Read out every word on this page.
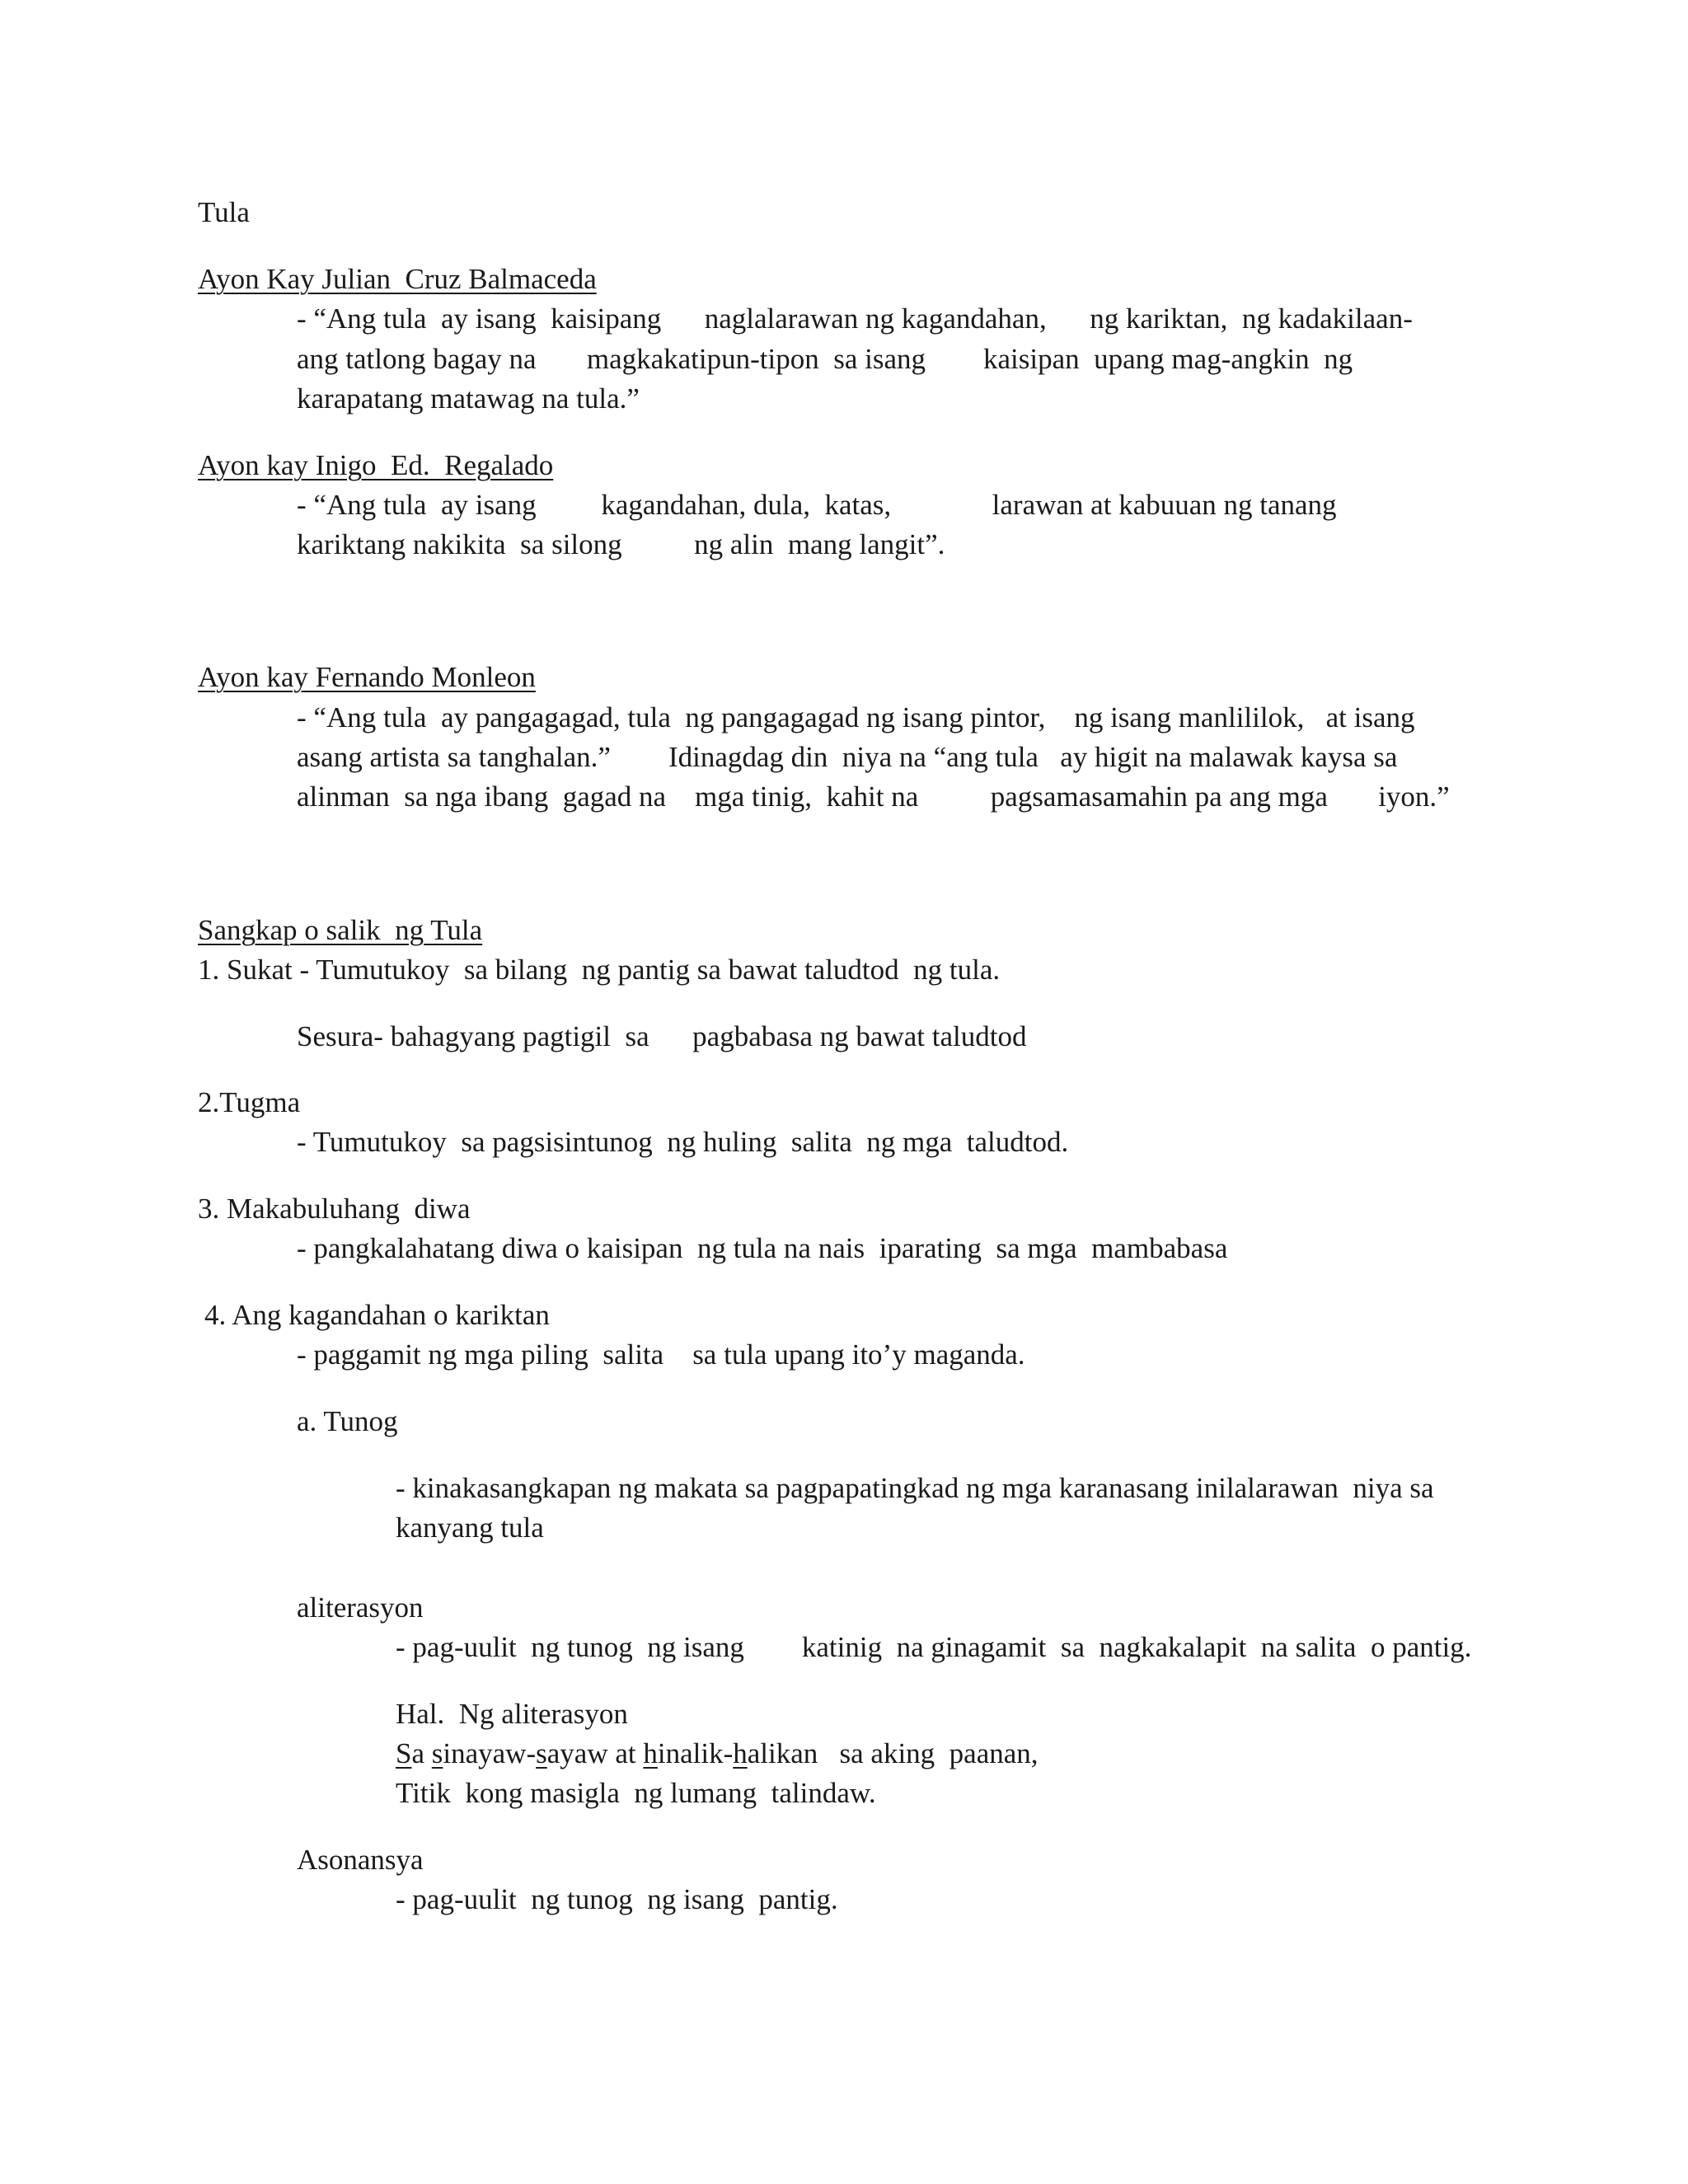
Tula
Ayon Kay Julian  Cruz Balmaceda
- “Ang tula  ay isang  kaisipang      naglalarawan ng kagandahan,      ng kariktan,  ng kadakilaan-
ang tatlong bagay na       magkakatipun-tipon  sa isang        kaisipan  upang mag-angkin  ng
karapatang matawag na tula.”
Ayon kay Inigo  Ed.  Regalado
- “Ang tula  ay isang         kagandahan, dula,  katas,              larawan at kabuuan ng tanang
kariktang nakikita  sa silong          ng alin  mang langit”.
Ayon kay Fernando Monleon
- “Ang tula  ay pangagagad, tula  ng pangagagad ng isang pintor,    ng isang manlililok,   at isang
asang artista sa tanghalan.”        Idinagdag din  niya na “ang tula   ay higit na malawak kaysa sa
alinman  sa nga ibang  gagad na    mga tinig,  kahit na          pagsamasamahin pa ang mga       iyon.”
Sangkap o salik  ng Tula
1. Sukat - Tumutukoy  sa bilang  ng pantig sa bawat taludtod  ng tula.
Sesura- bahagyang pagtigil  sa      pagbabasa ng bawat taludtod
2.Tugma
- Tumutukoy  sa pagsisintunog  ng huling  salita  ng mga  taludtod.
3. Makabuluhang  diwa
- pangkalahatang diwa o kaisipan  ng tula na nais  iparating  sa mga  mambabasa
4. Ang kagandahan o kariktan
- paggamit ng mga piling  salita    sa tula upang ito’y maganda.
a. Tunog
- kinakasangkapan ng makata sa pagpapatingkad ng mga karanasang inilalarawan  niya sa
kanyang tula
aliterasyon
- pag-uulit  ng tunog  ng isang        katinig  na ginagamit  sa  nagkakalapit  na salita  o pantig.
Hal.  Ng aliterasyon
Sa sinayaw-sayaw at hinalik-halikan   sa aking  paanan,
Titik  kong masigla  ng lumang  talindaw.
Asonansya
- pag-uulit  ng tunog  ng isang  pantig.
